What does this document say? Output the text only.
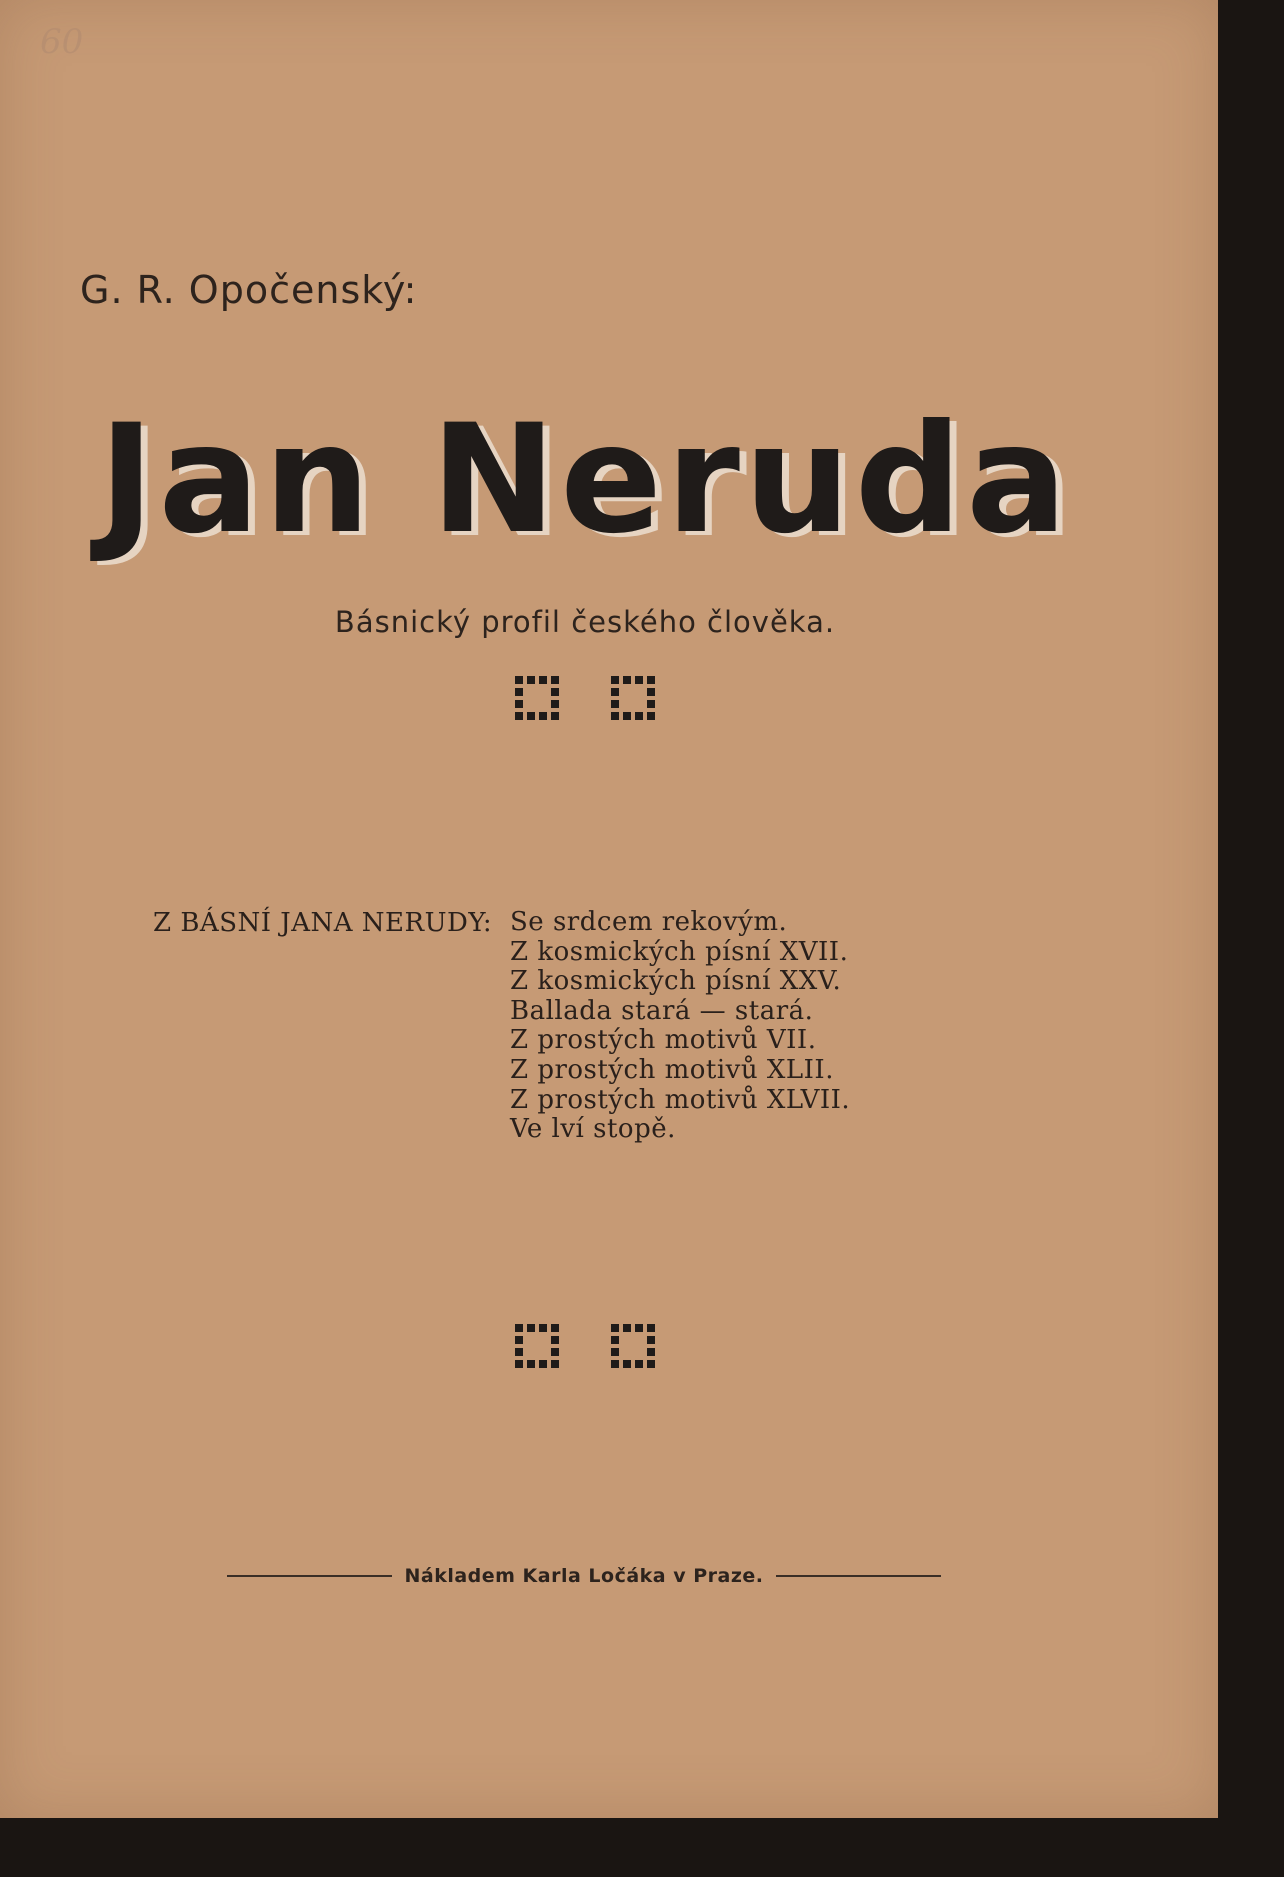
60
G. R. Opočenský:
Jan Neruda
Básnický profil českého člověka.

Z BÁSNÍ JANA NERUDY: Se srdcem rekovým.
Z kosmických písní XVII.
Z kosmických písní XXV.
Ballada stará — stará.
Z prostých motivů VII.
Z prostých motivů XLII.
Z prostých motivů XLVII.
Ve lví stopě.

Nákladem Karla Ločáka v Praze.
